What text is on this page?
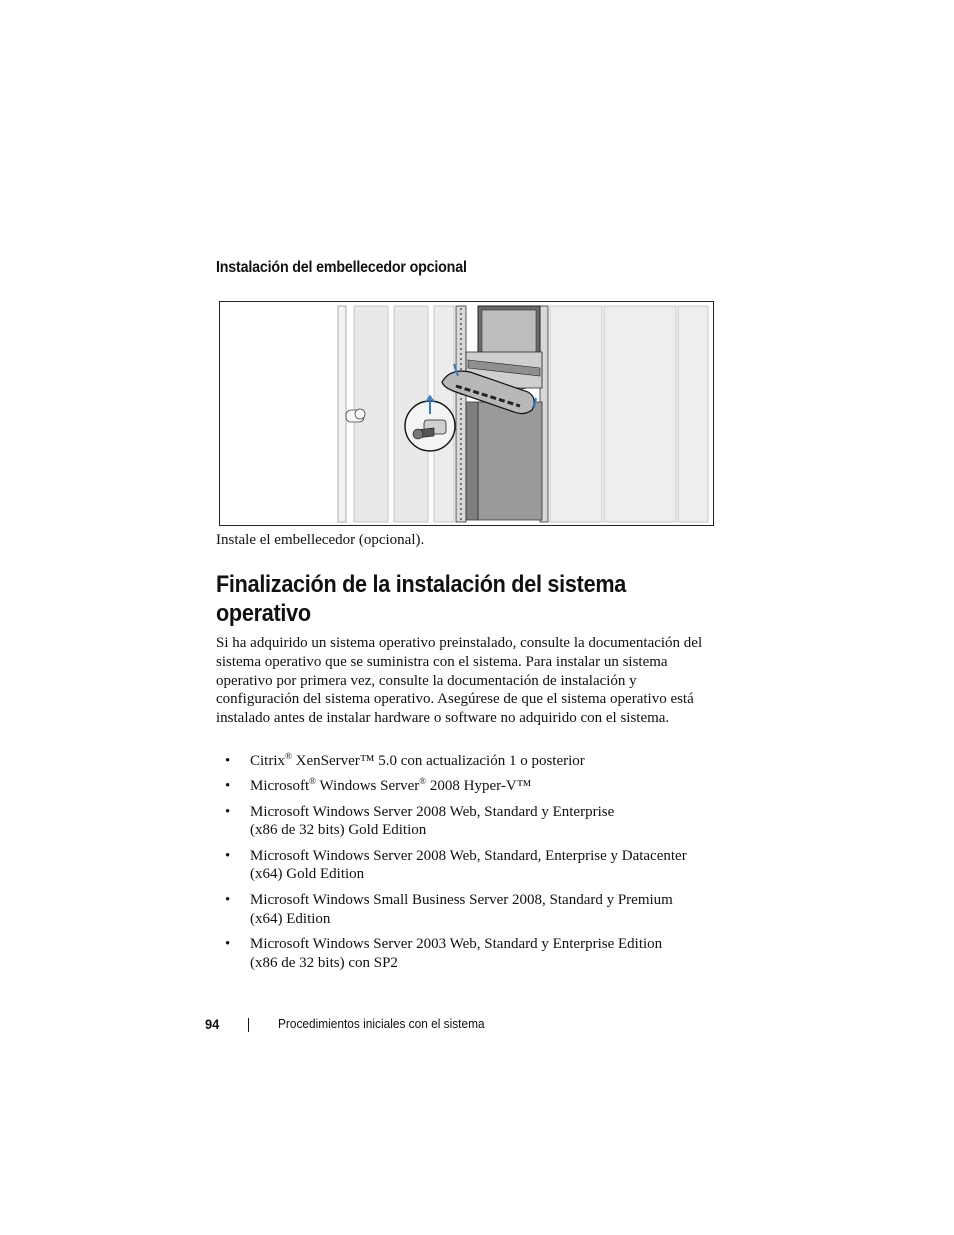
Instalación del embellecedor opcional
Instale el embellecedor (opcional).
Finalización de la instalación del sistema operativo

Si ha adquirido un sistema operativo preinstalado, consulte la documentación del sistema operativo que se suministra con el sistema. Para instalar un sistema operativo por primera vez, consulte la documentación de instalación y configuración del sistema operativo. Asegúrese de que el sistema operativo está instalado antes de instalar hardware o software no adquirido con el sistema.

• Citrix® XenServer™ 5.0 con actualización 1 o posterior
• Microsoft® Windows Server® 2008 Hyper-V™
• Microsoft Windows Server 2008 Web, Standard y Enterprise
(x86 de 32 bits) Gold Edition
• Microsoft Windows Server 2008 Web, Standard, Enterprise y Datacenter
(x64) Gold Edition
• Microsoft Windows Small Business Server 2008, Standard y Premium
(x64) Edition
• Microsoft Windows Server 2003 Web, Standard y Enterprise Edition
(x86 de 32 bits) con SP2
94	Procedimientos iniciales con el sistema
